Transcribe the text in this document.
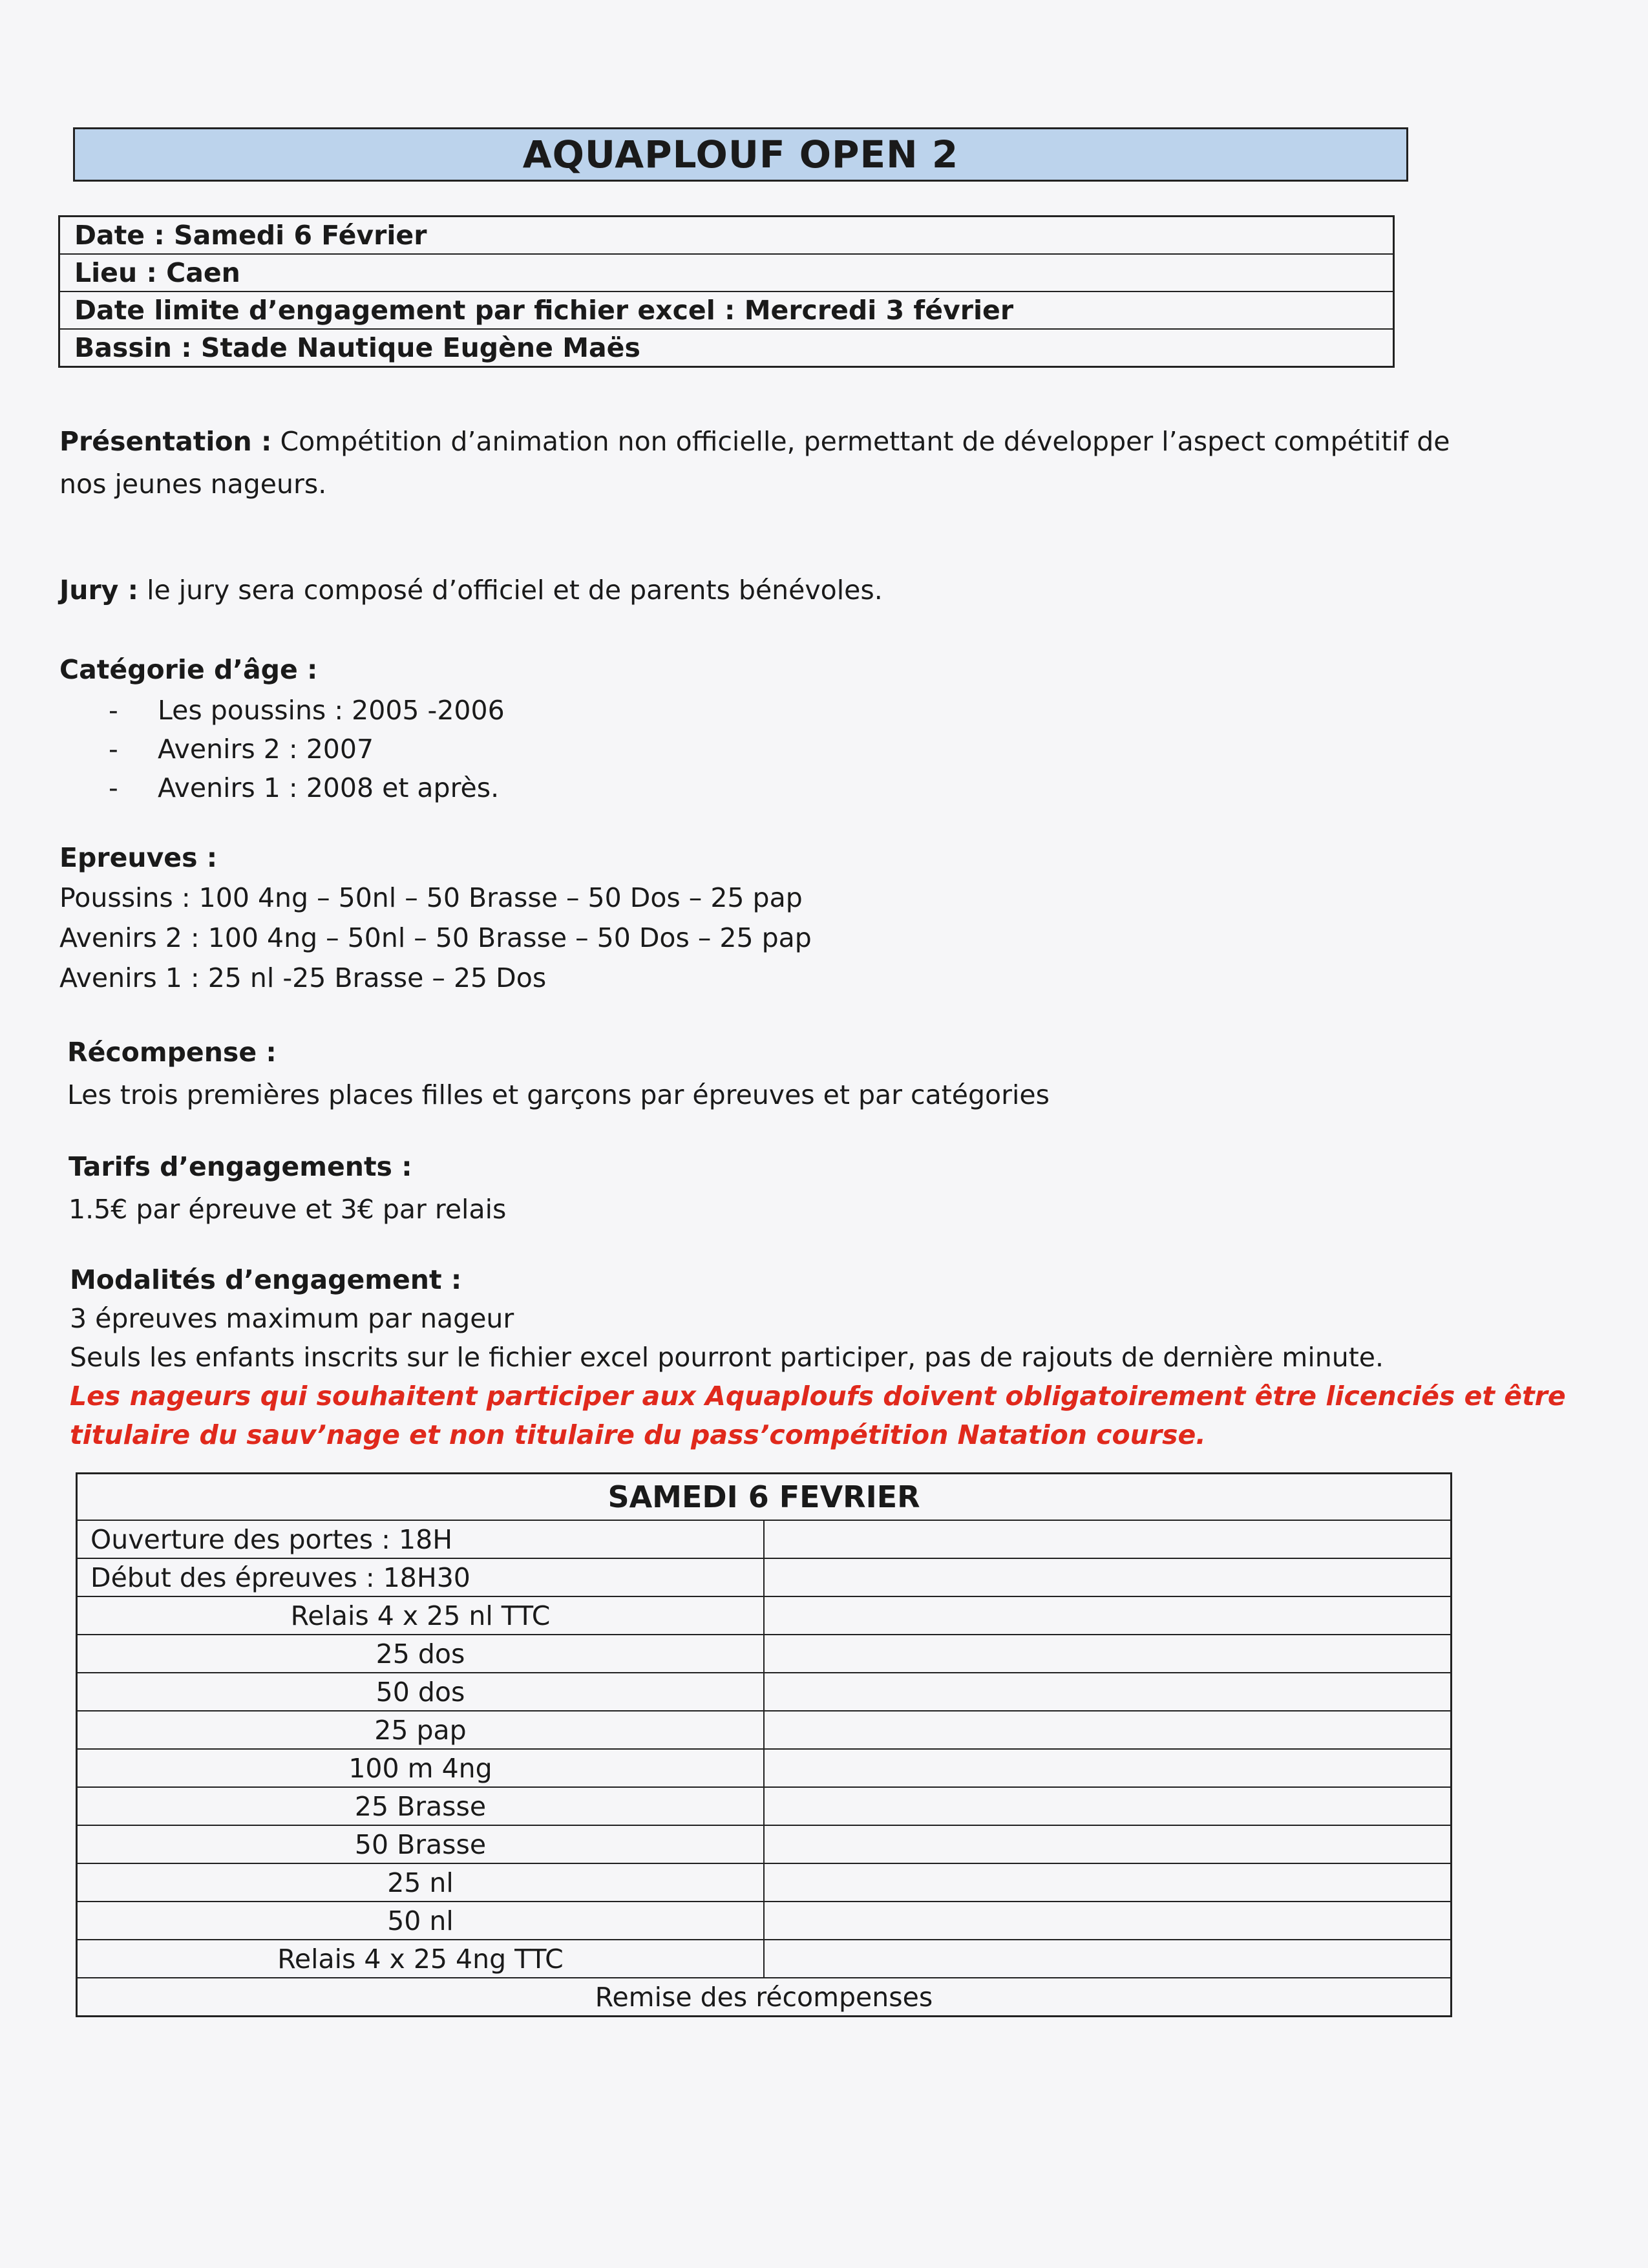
AQUAPLOUF OPEN 2
Date : Samedi 6 Février
Lieu : Caen
Date limite d’engagement par fichier excel : Mercredi 3 février
Bassin : Stade Nautique Eugène Maës
Présentation : Compétition d’animation non officielle, permettant de développer l’aspect compétitif de
nos jeunes nageurs.
Jury : le jury sera composé d’officiel et de parents bénévoles.
Catégorie d’âge :
- Les poussins : 2005 -2006
- Avenirs 2 : 2007
- Avenirs 1 : 2008 et après.
Epreuves :
Poussins : 100 4ng – 50nl – 50 Brasse – 50 Dos – 25 pap
Avenirs 2 : 100 4ng – 50nl – 50 Brasse – 50 Dos – 25 pap
Avenirs 1 : 25 nl -25 Brasse – 25 Dos
Récompense :
Les trois premières places filles et garçons par épreuves et par catégories
Tarifs d’engagements :
1.5€ par épreuve et 3€ par relais
Modalités d’engagement :
3 épreuves maximum par nageur
Seuls les enfants inscrits sur le fichier excel pourront participer, pas de rajouts de dernière minute.
Les nageurs qui souhaitent participer aux Aquaploufs doivent obligatoirement être licenciés et être
titulaire du sauv’nage et non titulaire du pass’compétition Natation course.
SAMEDI 6 FEVRIER	
Ouverture des portes : 18H	
Début des épreuves : 18H30	
Relais 4 x 25 nl TTC	
25 dos	
50 dos	
25 pap	
100 m 4ng	
25 Brasse	
50 Brasse	
25 nl	
50 nl	
Relais 4 x 25 4ng TTC	
Remise des récompenses	
